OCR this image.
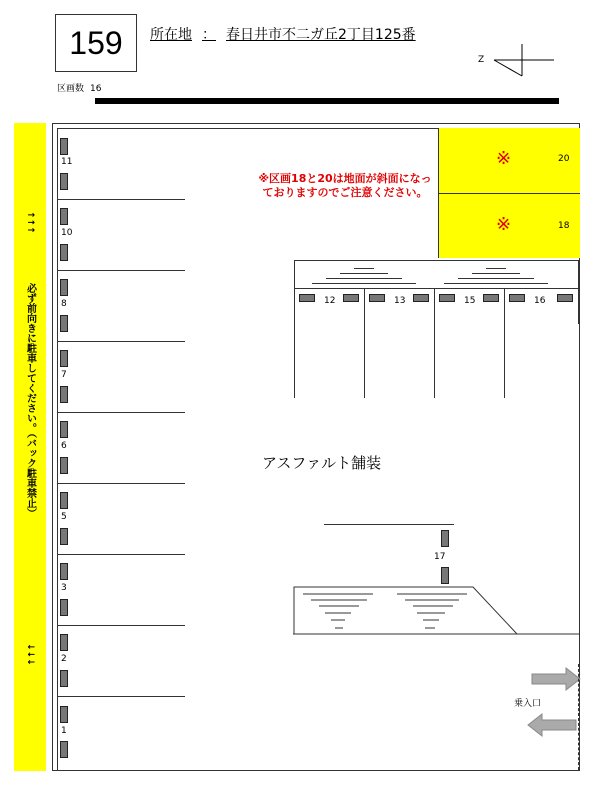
159	所在地 ： 春日井市不二ガ丘2丁目125番
区画数 16
Z
↑↑↑
必ず前向きに駐車してください。（バック駐車禁止）
↓↓↓
11
10
8
7
6
5
3
2
1
※	20
※	18
※区画18と20は地面が斜面になっておりますのでご注意ください。
12	13	15	16
アスファルト舗装
17
乗入口
